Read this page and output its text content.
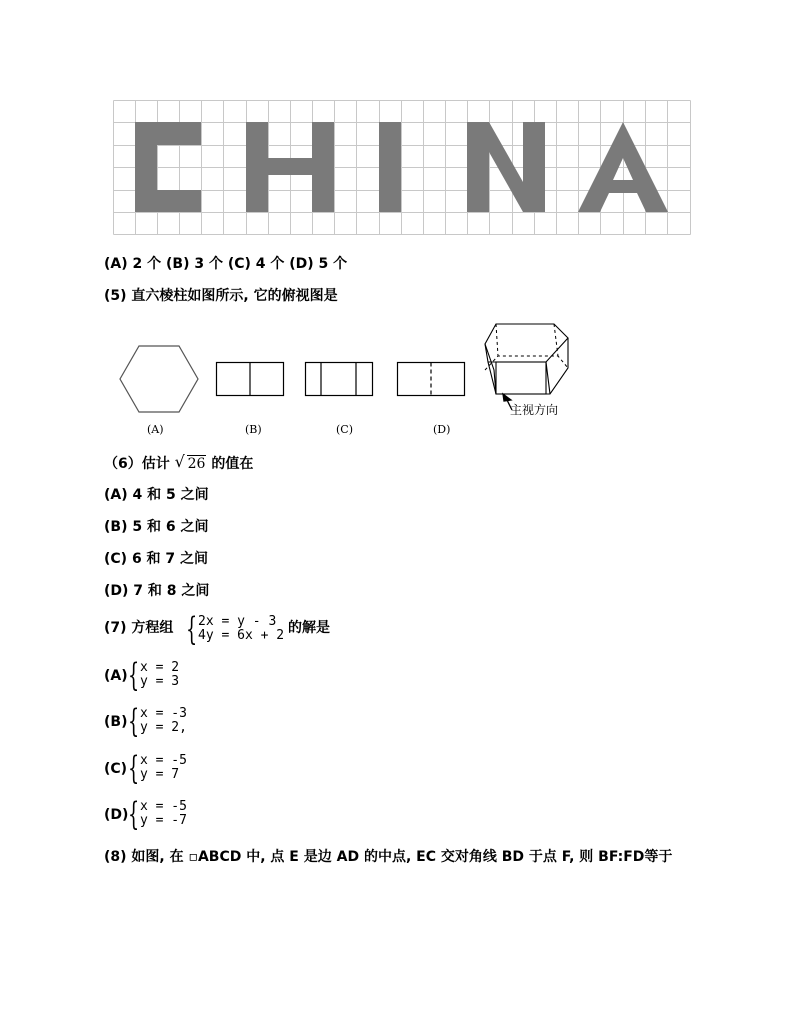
(A) 2 个 (B) 3 个 (C) 4 个 (D) 5 个
(5) 直六棱柱如图所示, 它的俯视图是
主视方向
(A)	(B)	(C)	(D)
（6）估计 √ 26 的值在
(A) 4 和 5 之间
(B) 5 和 6 之间
(C) 6 和 7 之间
(D) 7 和 8 之间
(7) 方程组 { 2x = y - 3
4y = 6x + 2 的解是
(A) { x = 2
y = 3
(B) { x = -3
y = 2,
(C) { x = -5
y = 7
(D) { x = -5
y = -7
(8) 如图, 在 ▫ABCD 中, 点 E 是边 AD 的中点, EC 交对角线 BD 于点 F, 则 BF:FD等于
